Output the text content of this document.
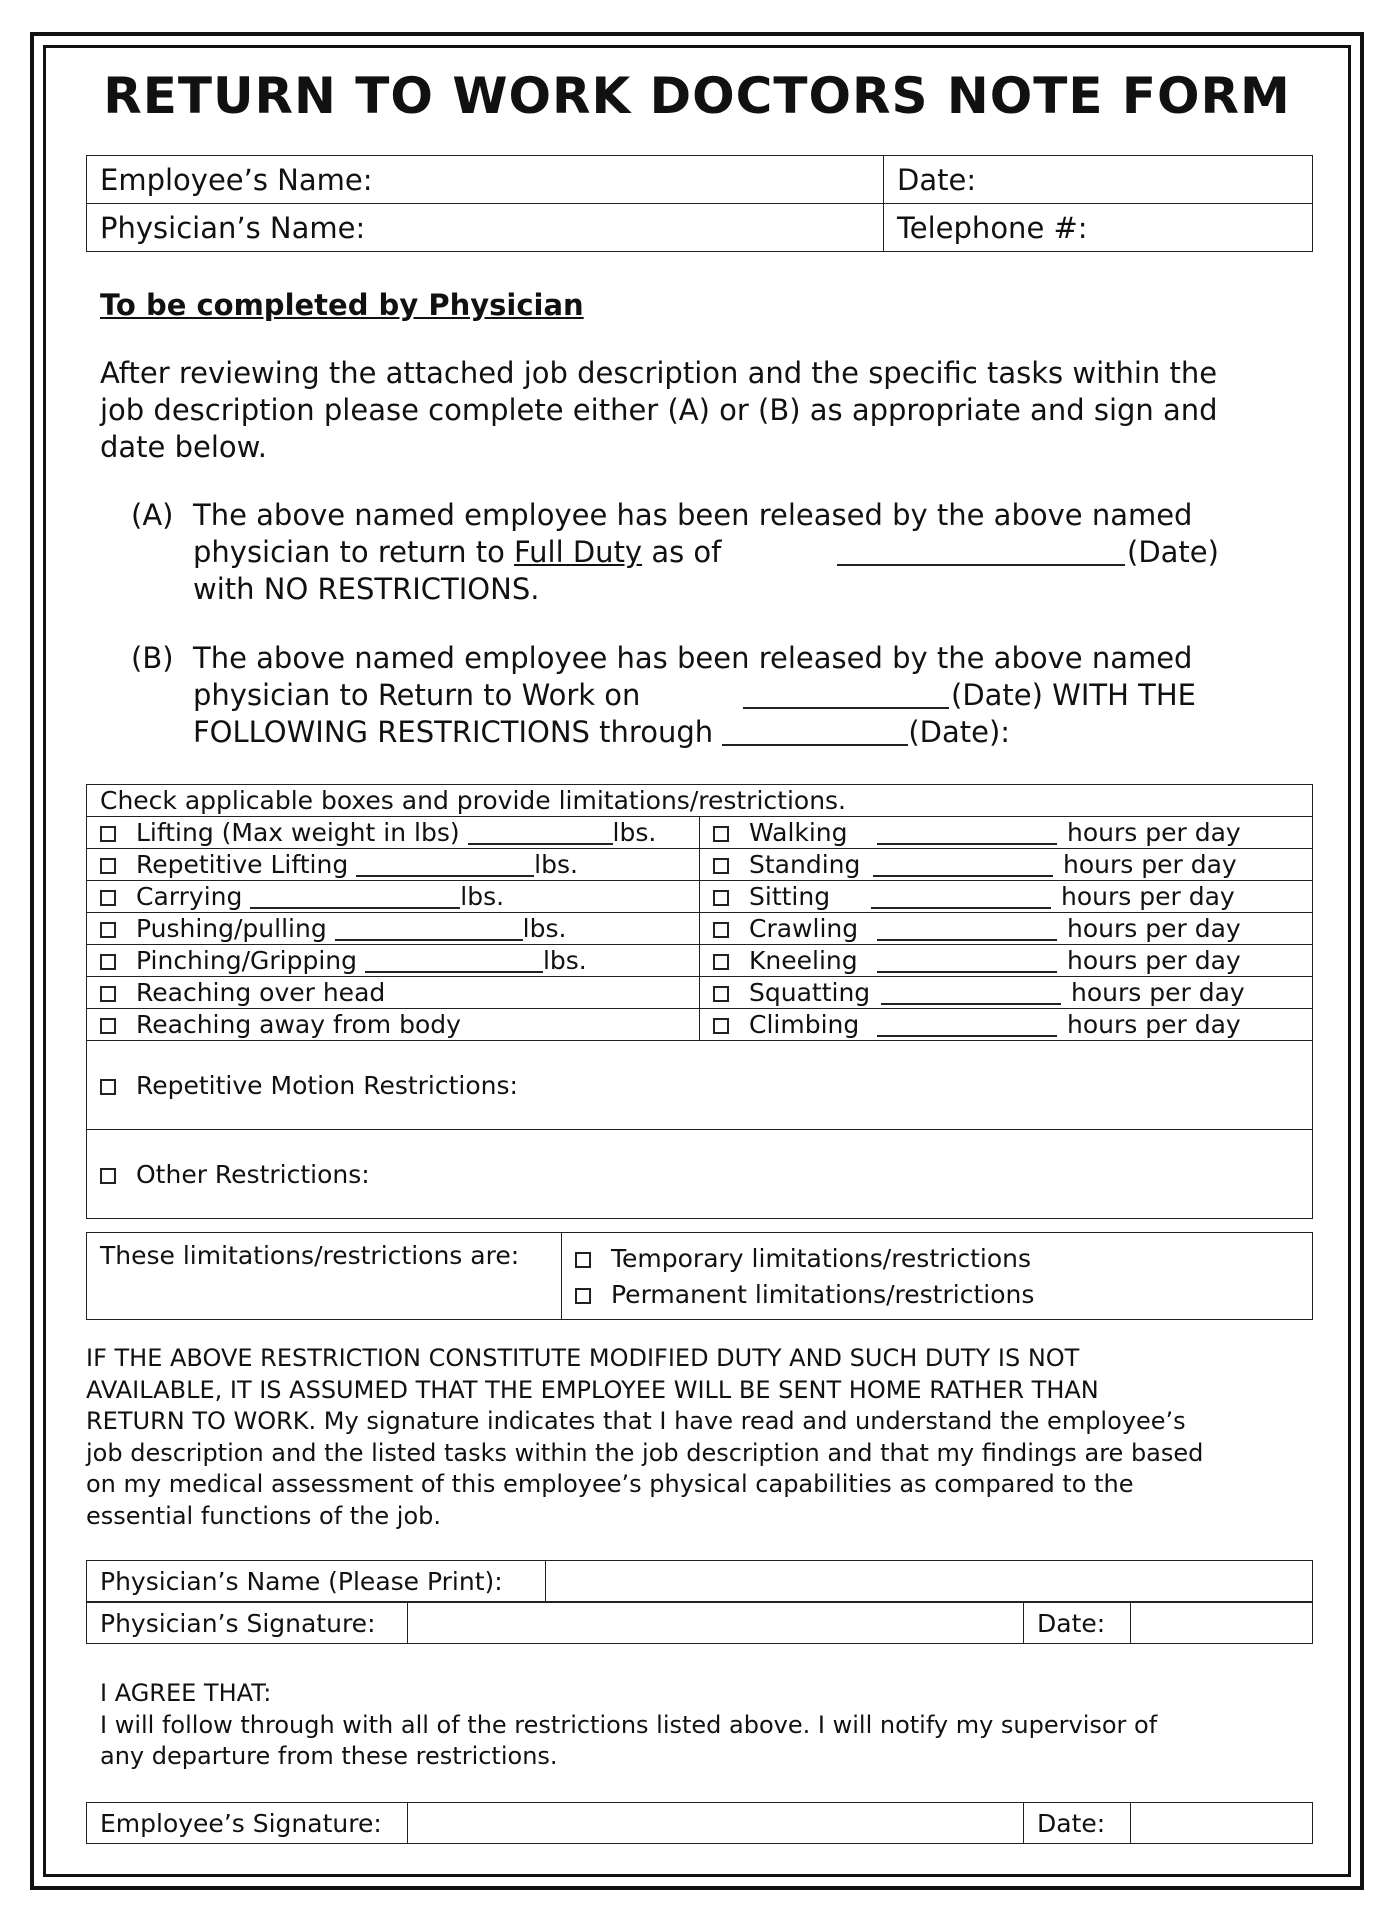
RETURN TO WORK DOCTORS NOTE FORM
Employee’s Name:	Date:
Physician’s Name:	Telephone #:
To be completed by Physician
After reviewing the attached job description and the specific tasks within the
job description please complete either (A) or (B) as appropriate and sign and
date below.
(A) The above named employee has been released by the above named
physician to return to Full Duty as of	(Date)
with NO RESTRICTIONS.
(B) The above named employee has been released by the above named
physician to Return to Work on	(Date) WITH THE
FOLLOWING RESTRICTIONS through	(Date):
Check applicable boxes and provide limitations/restrictions.	
Lifting (Max weight in lbs) lbs.	Walking hours per day
Repetitive Lifting lbs.	Standing hours per day
Carrying lbs.	Sitting hours per day
Pushing/pulling lbs.	Crawling hours per day
Pinching/Gripping lbs.	Kneeling hours per day
Reaching over head	Squatting hours per day
Reaching away from body	Climbing hours per day
Repetitive Motion Restrictions:	
Other Restrictions:	
These limitations/restrictions are:	Temporary limitations/restrictions
Permanent limitations/restrictions
IF THE ABOVE RESTRICTION CONSTITUTE MODIFIED DUTY AND SUCH DUTY IS NOT
AVAILABLE, IT IS ASSUMED THAT THE EMPLOYEE WILL BE SENT HOME RATHER THAN
RETURN TO WORK. My signature indicates that I have read and understand the employee’s
job description and the listed tasks within the job description and that my findings are based
on my medical assessment of this employee’s physical capabilities as compared to the
essential functions of the job.
Physician’s Name (Please Print):	
Physician’s Signature:		Date:	
I AGREE THAT:
I will follow through with all of the restrictions listed above. I will notify my supervisor of
any departure from these restrictions.
Employee’s Signature:		Date:	
